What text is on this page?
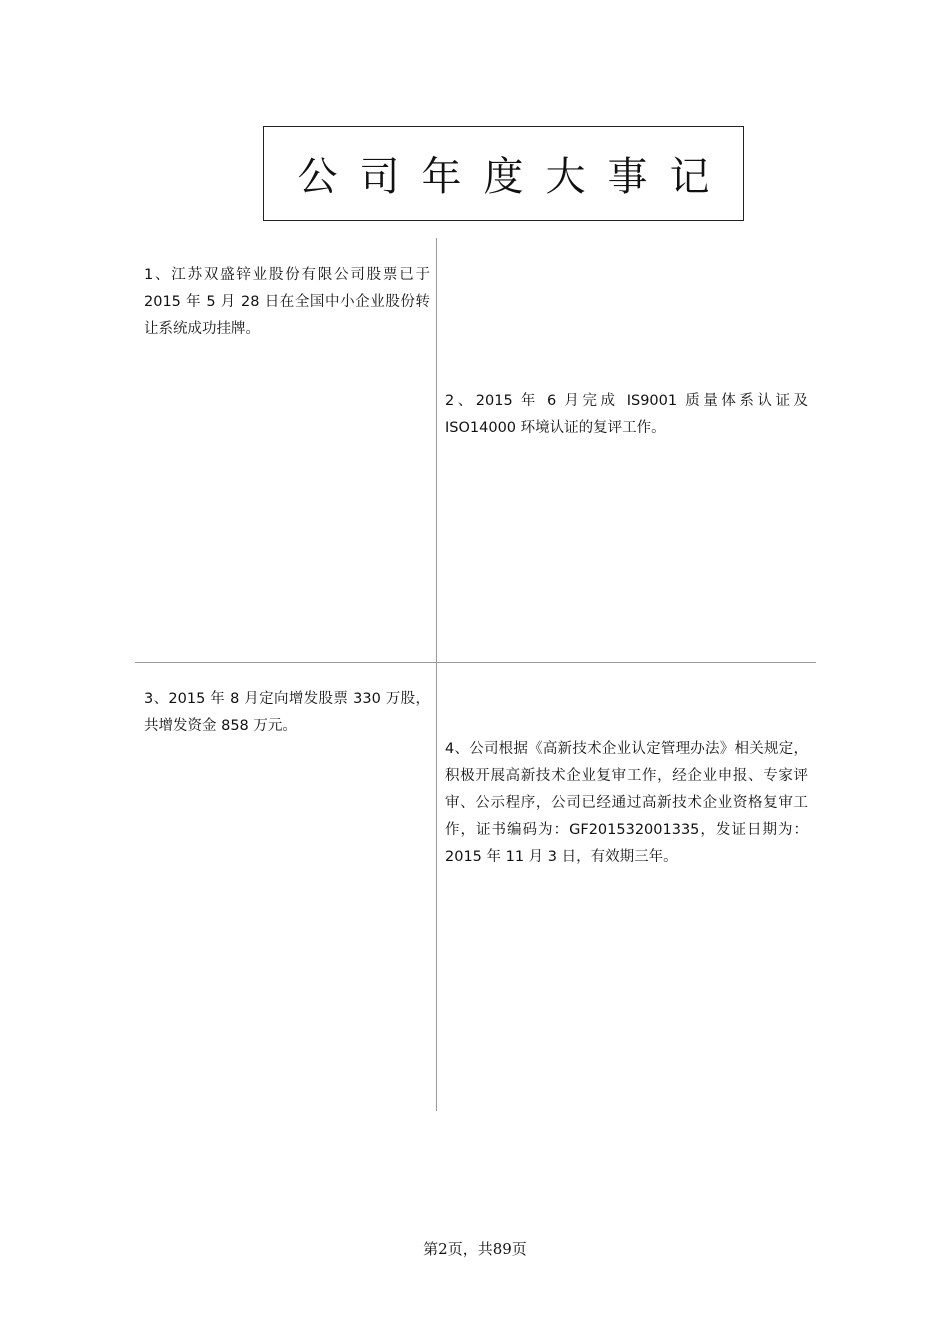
公司年度大事记
1、江苏双盛锌业股份有限公司股票已于 2015 年 5 月 28 日在全国中小企业股份转让系统成功挂牌。
2、2015 年 6 月完成 IS9001 质量体系认证及 ISO14000 环境认证的复评工作。
3、2015 年 8 月定向增发股票 330 万股，共增发资金 858 万元。
4、公司根据《高新技术企业认定管理办法》相关规定，积极开展高新技术企业复审工作，经企业申报、专家评审、公示程序，公司已经通过高新技术企业资格复审工作，证书编码为：GF201532001335，发证日期为：2015 年 11 月 3 日，有效期三年。
第2页，共89页
